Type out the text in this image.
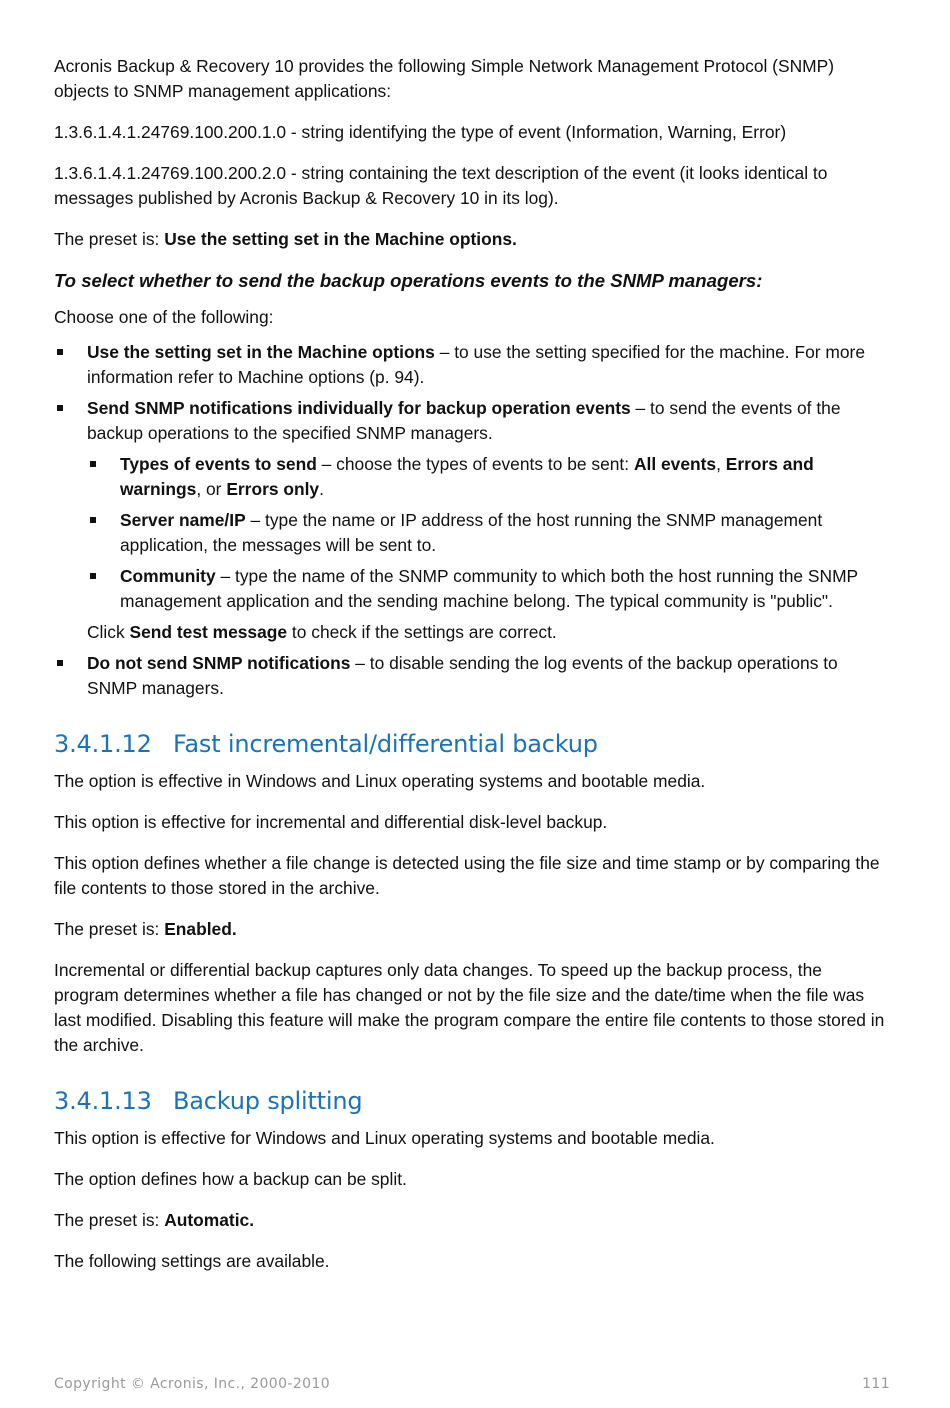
Acronis Backup & Recovery 10 provides the following Simple Network Management Protocol (SNMP) objects to SNMP management applications:

1.3.6.1.4.1.24769.100.200.1.0 - string identifying the type of event (Information, Warning, Error)

1.3.6.1.4.1.24769.100.200.2.0 - string containing the text description of the event (it looks identical to messages published by Acronis Backup & Recovery 10 in its log).

The preset is: Use the setting set in the Machine options.

To select whether to send the backup operations events to the SNMP managers:

Choose one of the following:

Use the setting set in the Machine options – to use the setting specified for the machine. For more information refer to Machine options (p. 94).
Send SNMP notifications individually for backup operation events – to send the events of the backup operations to the specified SNMP managers.
Types of events to send – choose the types of events to be sent: All events, Errors and warnings, or Errors only.
Server name/IP – type the name or IP address of the host running the SNMP management application, the messages will be sent to.
Community – type the name of the SNMP community to which both the host running the SNMP management application and the sending machine belong. The typical community is "public".
Click Send test message to check if the settings are correct.
Do not send SNMP notifications – to disable sending the log events of the backup operations to SNMP managers.
3.4.1.12 Fast incremental/differential backup

The option is effective in Windows and Linux operating systems and bootable media.

This option is effective for incremental and differential disk-level backup.

This option defines whether a file change is detected using the file size and time stamp or by comparing the file contents to those stored in the archive.

The preset is: Enabled.

Incremental or differential backup captures only data changes. To speed up the backup process, the program determines whether a file has changed or not by the file size and the date/time when the file was last modified. Disabling this feature will make the program compare the entire file contents to those stored in the archive.

3.4.1.13 Backup splitting

This option is effective for Windows and Linux operating systems and bootable media.

The option defines how a backup can be split.

The preset is: Automatic.

The following settings are available.

Copyright © Acronis, Inc., 2000-2010	111
